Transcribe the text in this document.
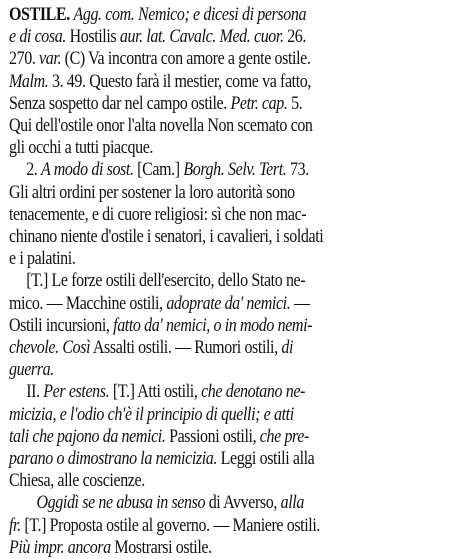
OSTILE. Agg. com. Nemico; e dicesi di persona
e di cosa. Hostilis aur. lat. Cavalc. Med. cuor. 26.
270. var. (C) Va incontra con amore a gente ostile.
Malm. 3. 49. Questo farà il mestier, come va fatto,
Senza sospetto dar nel campo ostile. Petr. cap. 5.
Qui dell'ostile onor l'alta novella Non scemato con
gli occhi a tutti piacque.
2. A modo di sost. [Cam.] Borgh. Selv. Tert. 73.
Gli altri ordini per sostener la loro autorità sono
tenacemente, e di cuore religiosi: sì che non mac-
chinano niente d'ostile i senatori, i cavalieri, i soldati
e i palatini.
[T.] Le forze ostili dell'esercito, dello Stato ne-
mico. — Macchine ostili, adoprate da' nemici. —
Ostili incursioni, fatto da' nemici, o in modo nemi-
chevole. Così Assalti ostili. — Rumori ostili, di
guerra.
II. Per estens. [T.] Atti ostili, che denotano ne-
micizia, e l'odio ch'è il principio di quelli; e atti
tali che pajono da nemici. Passioni ostili, che pre-
parano o dimostrano la nemicizia. Leggi ostili alla
Chiesa, alle coscienze.
Oggidì se ne abusa in senso di Avverso, alla
fr. [T.] Proposta ostile al governo. — Maniere ostili.
Più impr. ancora Mostrarsi ostile.
